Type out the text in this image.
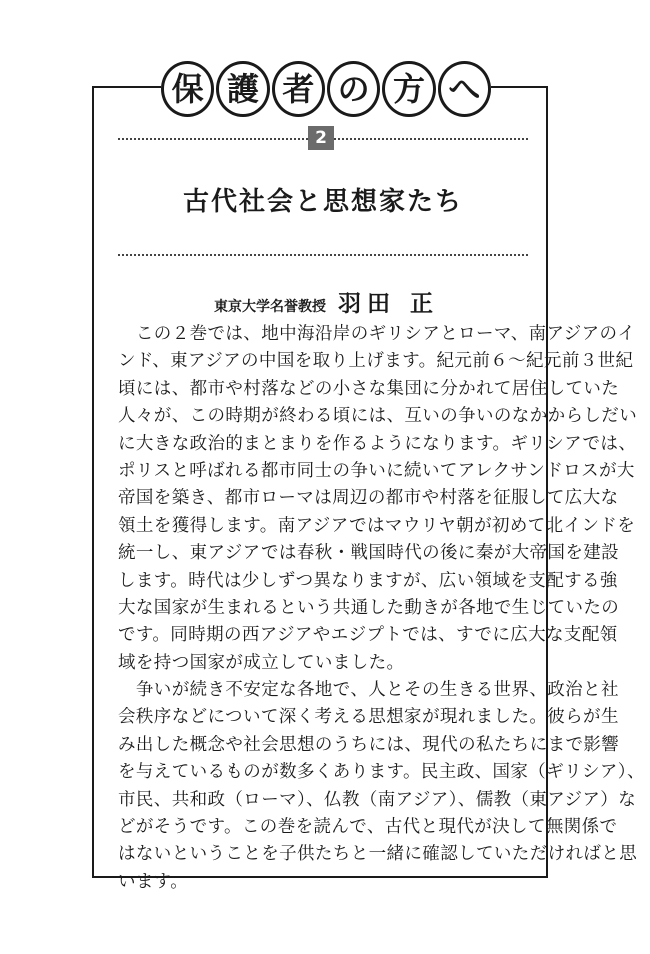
保 護 者 の 方 へ
2
古代社会と思想家たち
東京大学名誉教授 羽田 正
　この２巻では、地中海沿岸のギリシアとローマ、南アジアのイ
ンド、東アジアの中国を取り上げます。紀元前６〜紀元前３世紀
頃には、都市や村落などの小さな集団に分かれて居住していた
人々が、この時期が終わる頃には、互いの争いのなかからしだい
に大きな政治的まとまりを作るようになります。ギリシアでは、
ポリスと呼ばれる都市同士の争いに続いてアレクサンドロスが大
帝国を築き、都市ローマは周辺の都市や村落を征服して広大な
領土を獲得します。南アジアではマウリヤ朝が初めて北インドを
統一し、東アジアでは春秋・戦国時代の後に秦が大帝国を建設
します。時代は少しずつ異なりますが、広い領域を支配する強
大な国家が生まれるという共通した動きが各地で生じていたの
です。同時期の西アジアやエジプトでは、すでに広大な支配領
域を持つ国家が成立していました。
　争いが続き不安定な各地で、人とその生きる世界、政治と社
会秩序などについて深く考える思想家が現れました。彼らが生
み出した概念や社会思想のうちには、現代の私たちにまで影響
を与えているものが数多くあります。民主政、国家（ギリシア）、
市民、共和政（ローマ）、仏教（南アジア）、儒教（東アジア）な
どがそうです。この巻を読んで、古代と現代が決して無関係で
はないということを子供たちと一緒に確認していただければと思
います。
